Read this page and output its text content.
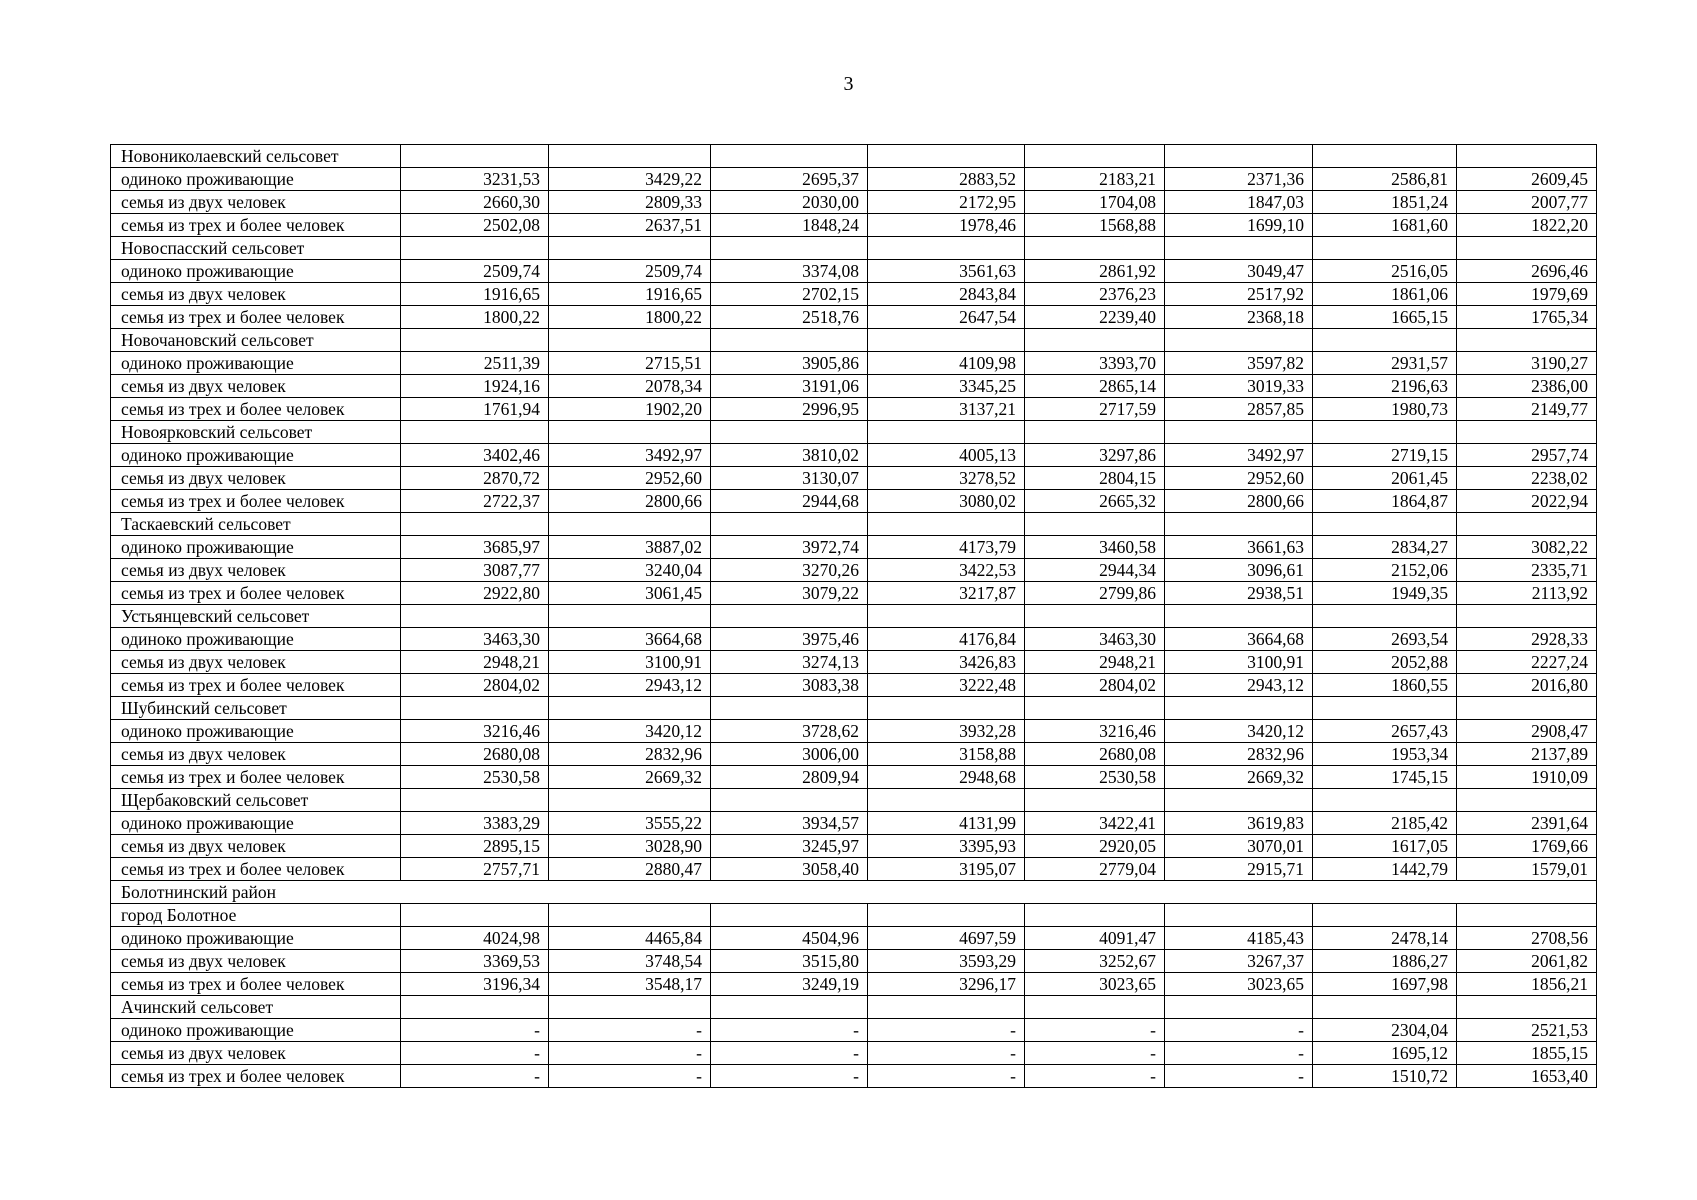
3
Новониколаевский сельсовет								
одиноко проживающие	3231,53	3429,22	2695,37	2883,52	2183,21	2371,36	2586,81	2609,45
семья из двух человек	2660,30	2809,33	2030,00	2172,95	1704,08	1847,03	1851,24	2007,77
семья из трех и более человек	2502,08	2637,51	1848,24	1978,46	1568,88	1699,10	1681,60	1822,20
Новоспасский сельсовет								
одиноко проживающие	2509,74	2509,74	3374,08	3561,63	2861,92	3049,47	2516,05	2696,46
семья из двух человек	1916,65	1916,65	2702,15	2843,84	2376,23	2517,92	1861,06	1979,69
семья из трех и более человек	1800,22	1800,22	2518,76	2647,54	2239,40	2368,18	1665,15	1765,34
Новочановский сельсовет								
одиноко проживающие	2511,39	2715,51	3905,86	4109,98	3393,70	3597,82	2931,57	3190,27
семья из двух человек	1924,16	2078,34	3191,06	3345,25	2865,14	3019,33	2196,63	2386,00
семья из трех и более человек	1761,94	1902,20	2996,95	3137,21	2717,59	2857,85	1980,73	2149,77
Новоярковский сельсовет								
одиноко проживающие	3402,46	3492,97	3810,02	4005,13	3297,86	3492,97	2719,15	2957,74
семья из двух человек	2870,72	2952,60	3130,07	3278,52	2804,15	2952,60	2061,45	2238,02
семья из трех и более человек	2722,37	2800,66	2944,68	3080,02	2665,32	2800,66	1864,87	2022,94
Таскаевский сельсовет								
одиноко проживающие	3685,97	3887,02	3972,74	4173,79	3460,58	3661,63	2834,27	3082,22
семья из двух человек	3087,77	3240,04	3270,26	3422,53	2944,34	3096,61	2152,06	2335,71
семья из трех и более человек	2922,80	3061,45	3079,22	3217,87	2799,86	2938,51	1949,35	2113,92
Устьянцевский сельсовет								
одиноко проживающие	3463,30	3664,68	3975,46	4176,84	3463,30	3664,68	2693,54	2928,33
семья из двух человек	2948,21	3100,91	3274,13	3426,83	2948,21	3100,91	2052,88	2227,24
семья из трех и более человек	2804,02	2943,12	3083,38	3222,48	2804,02	2943,12	1860,55	2016,80
Шубинский сельсовет								
одиноко проживающие	3216,46	3420,12	3728,62	3932,28	3216,46	3420,12	2657,43	2908,47
семья из двух человек	2680,08	2832,96	3006,00	3158,88	2680,08	2832,96	1953,34	2137,89
семья из трех и более человек	2530,58	2669,32	2809,94	2948,68	2530,58	2669,32	1745,15	1910,09
Щербаковский сельсовет								
одиноко проживающие	3383,29	3555,22	3934,57	4131,99	3422,41	3619,83	2185,42	2391,64
семья из двух человек	2895,15	3028,90	3245,97	3395,93	2920,05	3070,01	1617,05	1769,66
семья из трех и более человек	2757,71	2880,47	3058,40	3195,07	2779,04	2915,71	1442,79	1579,01
Болотнинский район								
город Болотное								
одиноко проживающие	4024,98	4465,84	4504,96	4697,59	4091,47	4185,43	2478,14	2708,56
семья из двух человек	3369,53	3748,54	3515,80	3593,29	3252,67	3267,37	1886,27	2061,82
семья из трех и более человек	3196,34	3548,17	3249,19	3296,17	3023,65	3023,65	1697,98	1856,21
Ачинский сельсовет								
одиноко проживающие	-	-	-	-	-	-	2304,04	2521,53
семья из двух человек	-	-	-	-	-	-	1695,12	1855,15
семья из трех и более человек	-	-	-	-	-	-	1510,72	1653,40
